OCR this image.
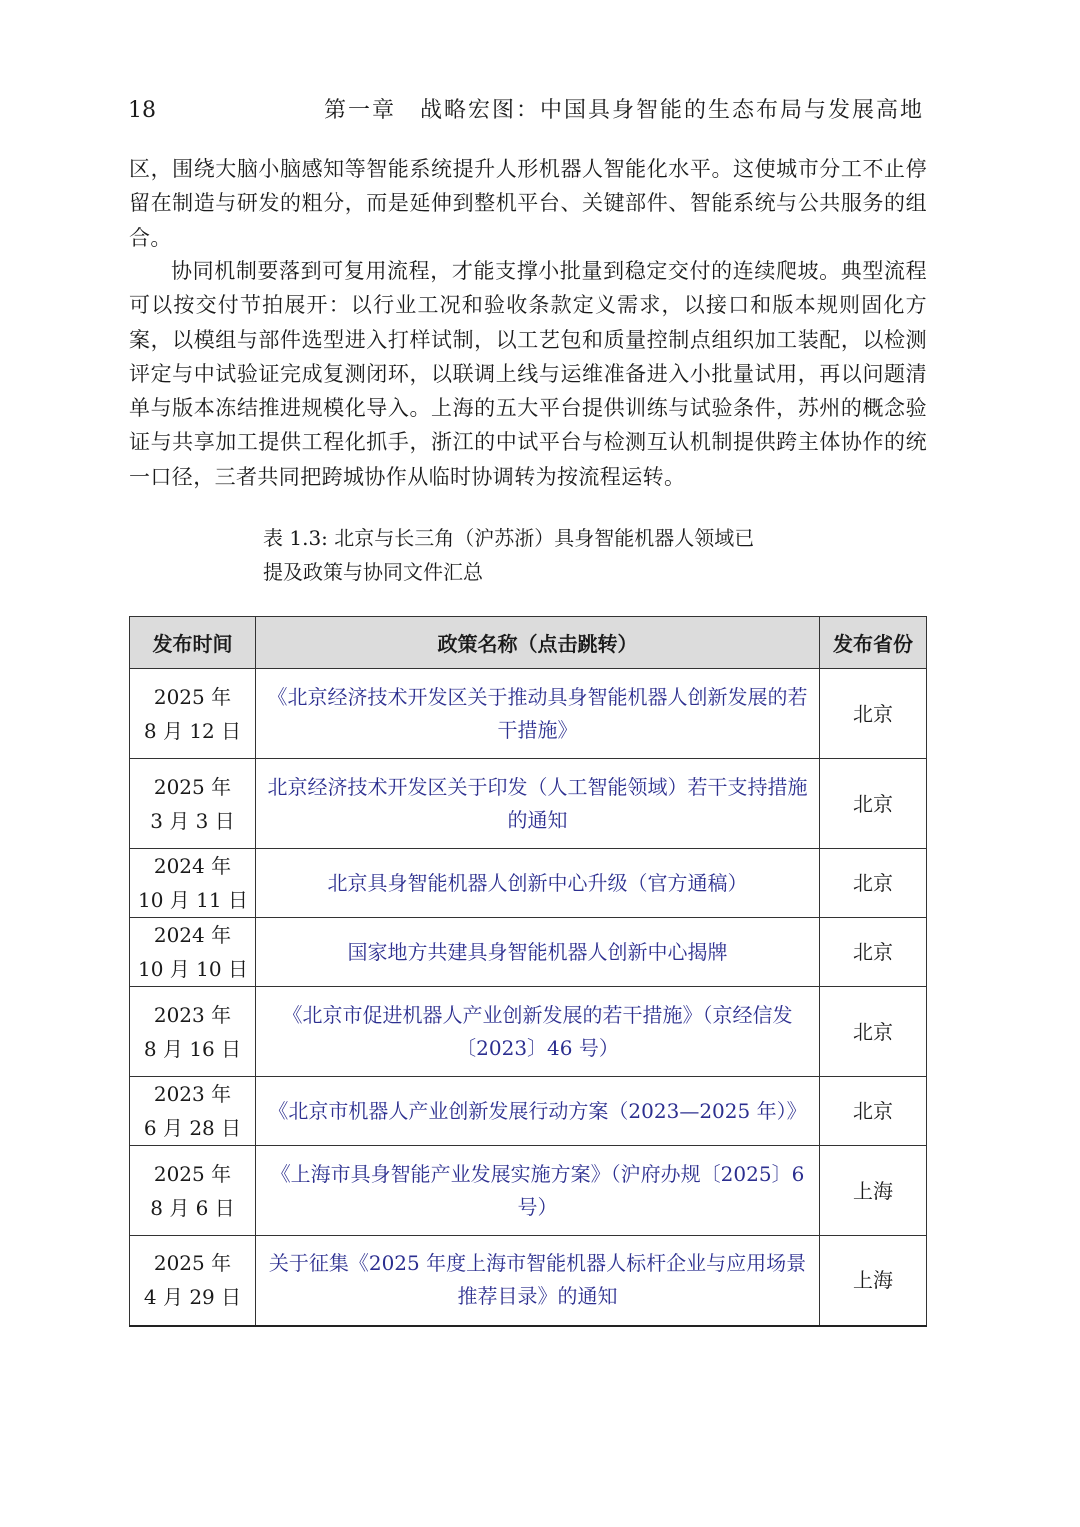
18	第一章　战略宏图：中国具身智能的生态布局与发展高地

区，围绕大脑小脑感知等智能系统提升人形机器人智能化水平。这使城市分工不止停留在制造与研发的粗分，而是延伸到整机平台、关键部件、智能系统与公共服务的组合。

协同机制要落到可复用流程，才能支撑小批量到稳定交付的连续爬坡。典型流程可以按交付节拍展开：以行业工况和验收条款定义需求，以接口和版本规则固化方案，以模组与部件选型进入打样试制，以工艺包和质量控制点组织加工装配，以检测评定与中试验证完成复测闭环，以联调上线与运维准备进入小批量试用，再以问题清单与版本冻结推进规模化导入。上海的五大平台提供训练与试验条件，苏州的概念验证与共享加工提供工程化抓手，浙江的中试平台与检测互认机制提供跨主体协作的统一口径，三者共同把跨城协作从临时协调转为按流程运转。

表 1.3: 北京与长三角（沪苏浙）具身智能机器人领域已
提及政策与协同文件汇总
发布时间	政策名称（点击跳转）	发布省份

2025 年
8 月 12 日	《北京经济技术开发区关于推动具身智能机器人创新发展的若干措施》	北京

2025 年
3 月 3 日	北京经济技术开发区关于印发（人工智能领域）若干支持措施的通知	北京

2024 年
10 月 11 日	北京具身智能机器人创新中心升级（官方通稿）	北京

2024 年
10 月 10 日	国家地方共建具身智能机器人创新中心揭牌	北京

2023 年
8 月 16 日	《北京市促进机器人产业创新发展的若干措施》（京经信发〔2023〕46 号）	北京

2023 年
6 月 28 日	《北京市机器人产业创新发展行动方案（2023—2025 年）》	北京

2025 年
8 月 6 日	《上海市具身智能产业发展实施方案》（沪府办规〔2025〕6 号）	上海

2025 年
4 月 29 日	关于征集《2025 年度上海市智能机器人标杆企业与应用场景推荐目录》的通知	上海
